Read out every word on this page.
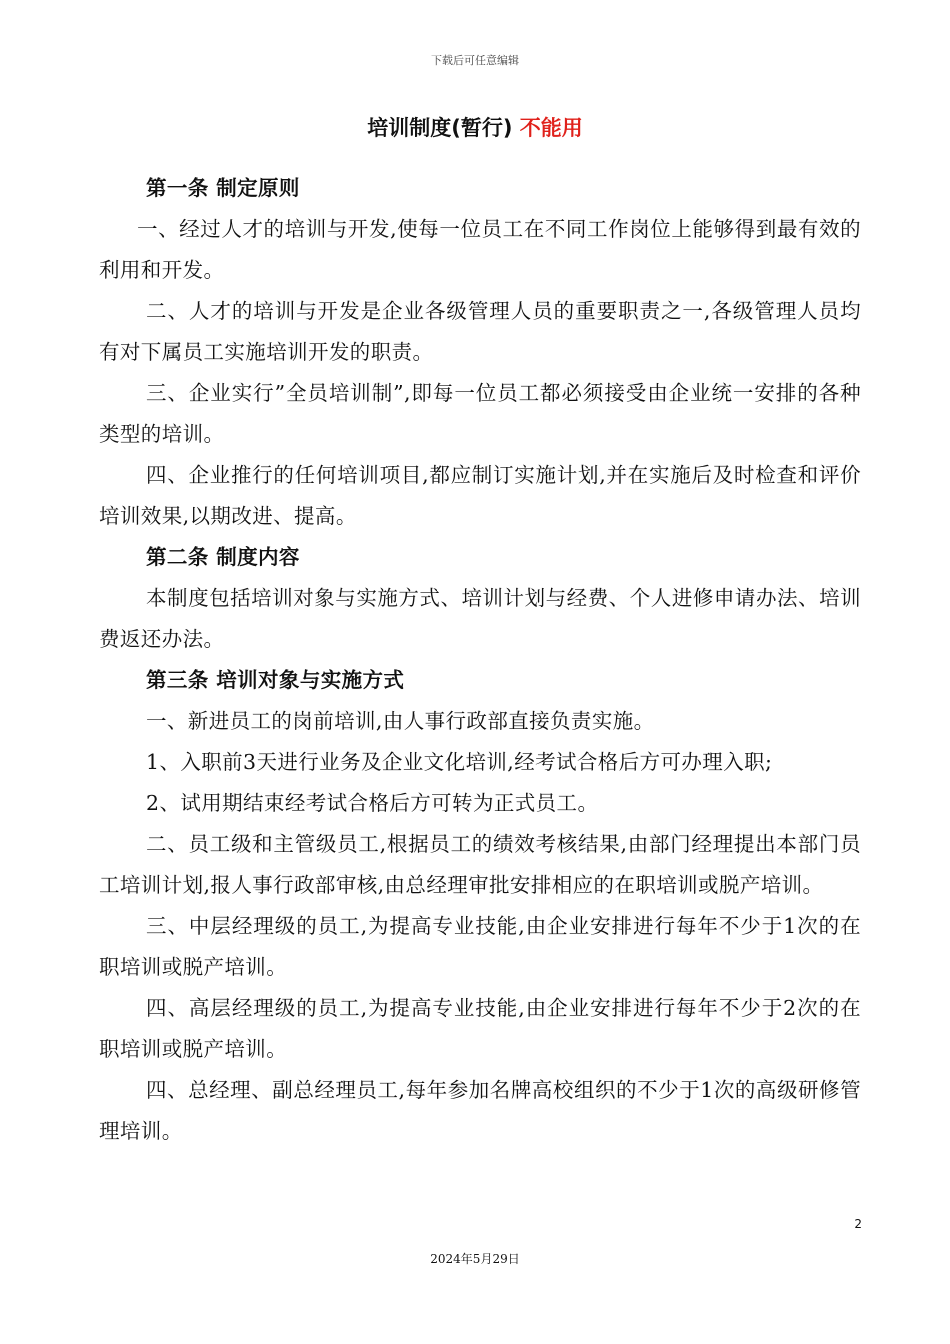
下载后可任意编辑
培训制度(暂行) 不能用

第一条 制定原则

一、经过人才的培训与开发,使每一位员工在不同工作岗位上能够得到最有效的利用和开发。

二、人才的培训与开发是企业各级管理人员的重要职责之一,各级管理人员均有对下属员工实施培训开发的职责。

三、企业实行”全员培训制”,即每一位员工都必须接受由企业统一安排的各种类型的培训。

四、企业推行的任何培训项目,都应制订实施计划,并在实施后及时检查和评价培训效果,以期改进、提高。

第二条 制度内容

本制度包括培训对象与实施方式、培训计划与经费、个人进修申请办法、培训费返还办法。

第三条 培训对象与实施方式

一、新进员工的岗前培训,由人事行政部直接负责实施。

1、入职前3天进行业务及企业文化培训,经考试合格后方可办理入职;

2、试用期结束经考试合格后方可转为正式员工。

二、员工级和主管级员工,根据员工的绩效考核结果,由部门经理提出本部门员工培训计划,报人事行政部审核,由总经理审批安排相应的在职培训或脱产培训。

三、中层经理级的员工,为提高专业技能,由企业安排进行每年不少于1次的在职培训或脱产培训。

四、高层经理级的员工,为提高专业技能,由企业安排进行每年不少于2次的在职培训或脱产培训。

四、总经理、副总经理员工,每年参加名牌高校组织的不少于1次的高级研修管理培训。

2
2024年5月29日
